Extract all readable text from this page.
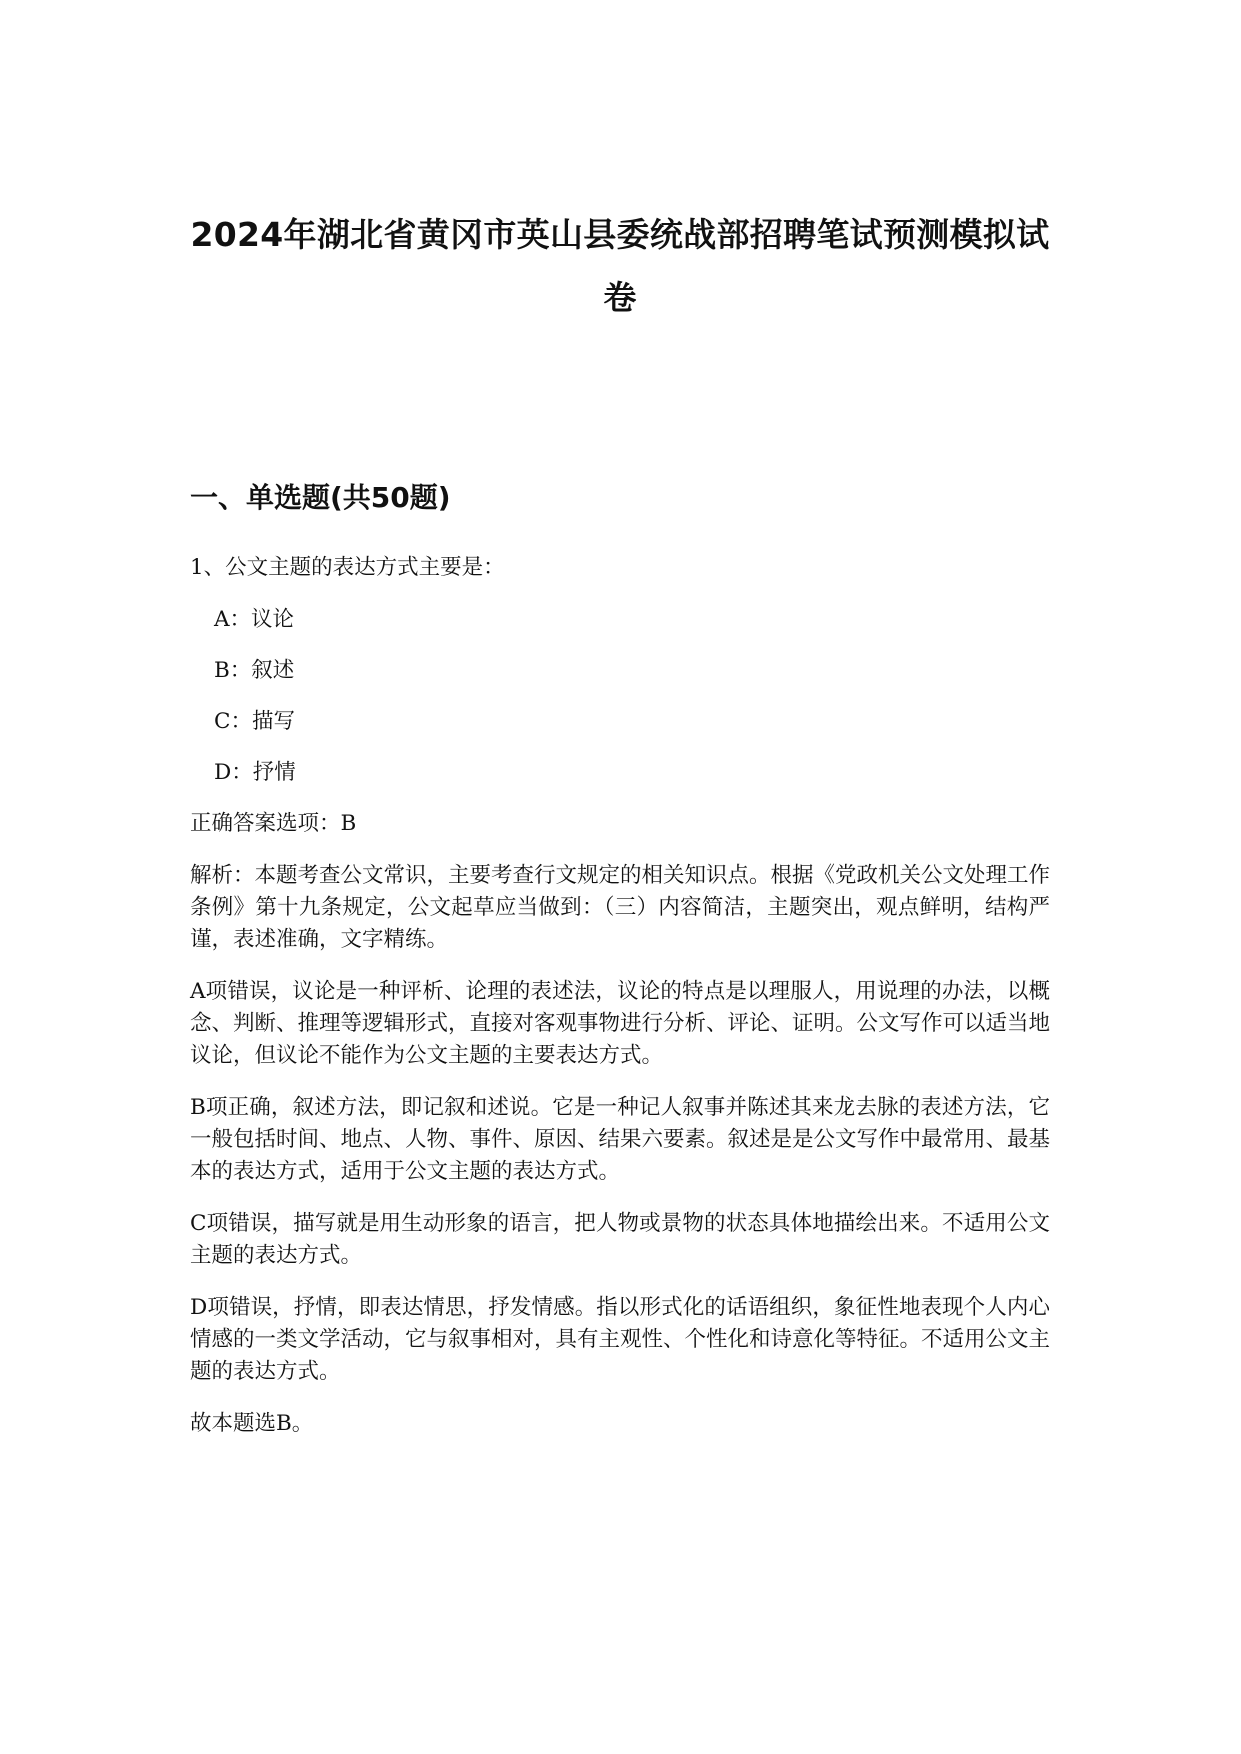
2024年湖北省黄冈市英山县委统战部招聘笔试预测模拟试卷
一、单选题(共50题)

1、公文主题的表达方式主要是：

A：议论

B：叙述

C：描写

D：抒情

正确答案选项：B

解析：本题考查公文常识，主要考查行文规定的相关知识点。根据《党政机关公文处理工作条例》第十九条规定，公文起草应当做到：（三）内容简洁，主题突出，观点鲜明，结构严谨，表述准确，文字精练。

A项错误，议论是一种评析、论理的表述法，议论的特点是以理服人，用说理的办法，以概念、判断、推理等逻辑形式，直接对客观事物进行分析、评论、证明。公文写作可以适当地议论，但议论不能作为公文主题的主要表达方式。

B项正确，叙述方法，即记叙和述说。它是一种记人叙事并陈述其来龙去脉的表述方法，它一般包括时间、地点、人物、事件、原因、结果六要素。叙述是是公文写作中最常用、最基本的表达方式，适用于公文主题的表达方式。

C项错误，描写就是用生动形象的语言，把人物或景物的状态具体地描绘出来。不适用公文主题的表达方式。

D项错误，抒情，即表达情思，抒发情感。指以形式化的话语组织，象征性地表现个人内心情感的一类文学活动，它与叙事相对，具有主观性、个性化和诗意化等特征。不适用公文主题的表达方式。

故本题选B。
